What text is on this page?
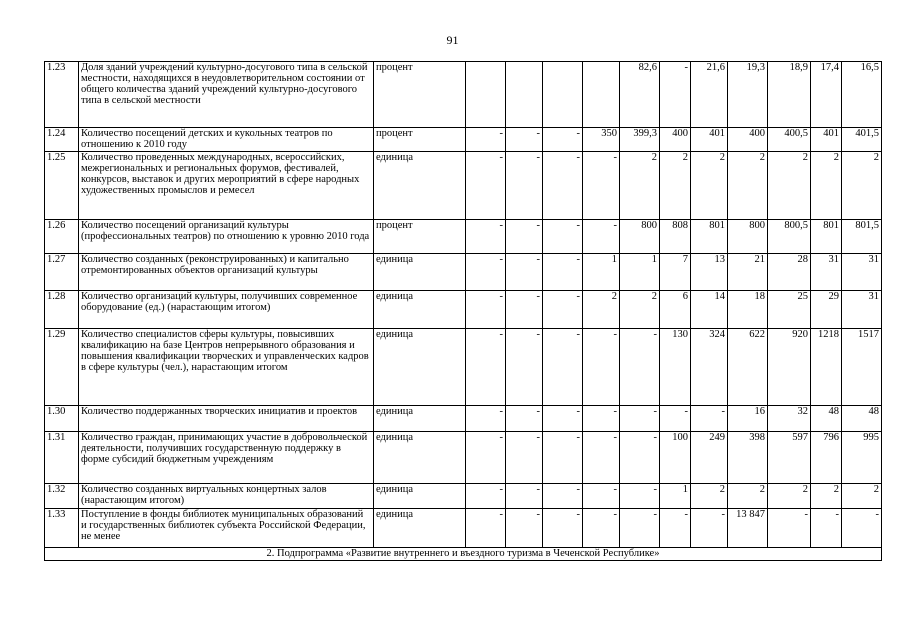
91
1.23	Доля зданий учреждений культурно-досугового типа в сельской местности, находящихся в неудовлетворительном состоянии от общего количества зданий учреждений культурно-досугового типа в сельской местности	процент					82,6	-	21,6	19,3	18,9	17,4	16,5
1.24	Количество посещений детских и кукольных театров по отношению к 2010 году	процент	-	-	-	350	399,3	400	401	400	400,5	401	401,5
1.25	Количество проведенных международных, всероссийских, межрегиональных и региональных форумов, фестивалей, конкурсов, выставок и других мероприятий в сфере народных художественных промыслов и ремесел	единица	-	-	-	-	2	2	2	2	2	2	2
1.26	Количество посещений организаций культуры (профессиональных театров) по отношению к уровню 2010 года	процент	-	-	-	-	800	808	801	800	800,5	801	801,5
1.27	Количество созданных (реконструированных) и капитально отремонтированных объектов организаций культуры	единица	-	-	-	1	1	7	13	21	28	31	31
1.28	Количество организаций культуры, получивших современное оборудование (ед.) (нарастающим итогом)	единица	-	-	-	2	2	6	14	18	25	29	31
1.29	Количество специалистов сферы культуры, повысивших квалификацию на базе Центров непрерывного образования и повышения квалификации творческих и управленческих кадров в сфере культуры (чел.), нарастающим итогом	единица	-	-	-	-	-	130	324	622	920	1218	1517
1.30	Количество поддержанных творческих инициатив и проектов	единица	-	-	-	-	-	-	-	16	32	48	48
1.31	Количество граждан, принимающих участие в добровольческой деятельности, получивших государственную поддержку в форме субсидий бюджетным учреждениям	единица	-	-	-	-	-	100	249	398	597	796	995
1.32	Количество созданных виртуальных концертных залов (нарастающим итогом)	единица	-	-	-	-	-	1	2	2	2	2	2
1.33	Поступление в фонды библиотек муниципальных образований и государственных библиотек субъекта Российской Федерации, не менее	единица	-	-	-	-	-	-	-	13 847	-	-	-
2. Подпрограмма «Развитие внутреннего и въездного туризма в Чеченской Республике»													
